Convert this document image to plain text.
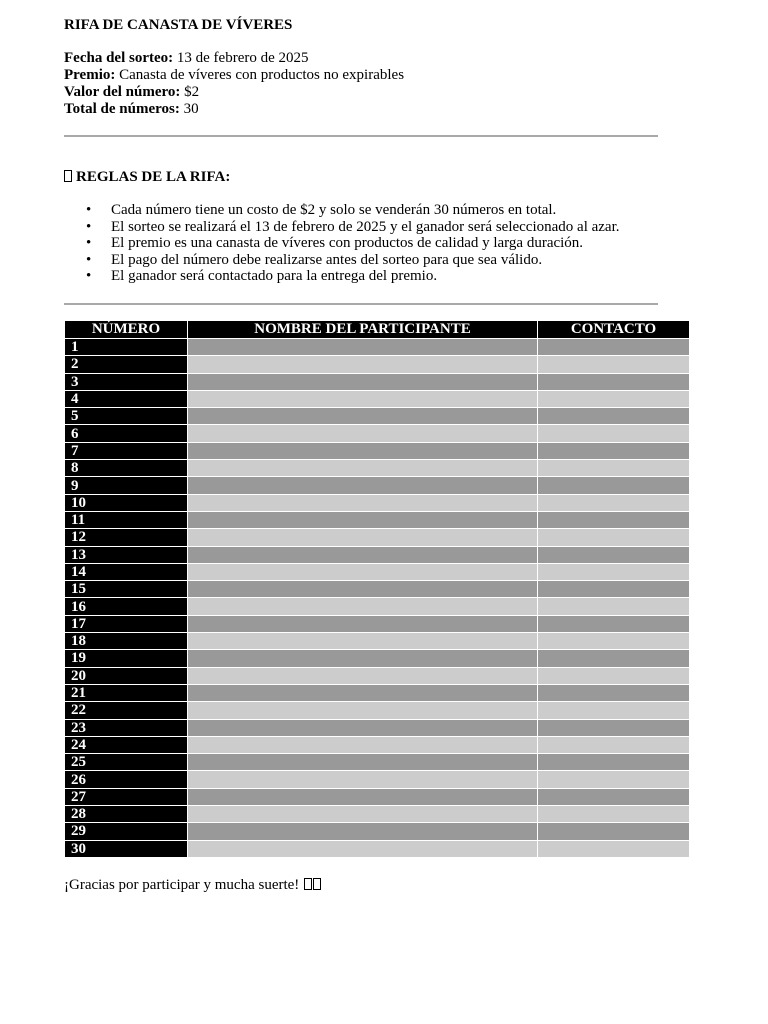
RIFA DE CANASTA DE VÍVERES
Fecha del sorteo: 13 de febrero de 2025
Premio: Canasta de víveres con productos no expirables
Valor del número: $2
Total de números: 30
REGLAS DE LA RIFA:
• Cada número tiene un costo de $2 y solo se venderán 30 números en total.
• El sorteo se realizará el 13 de febrero de 2025 y el ganador será seleccionado al azar.
• El premio es una canasta de víveres con productos de calidad y larga duración.
• El pago del número debe realizarse antes del sorteo para que sea válido.
• El ganador será contactado para la entrega del premio.
NÚMERO	NOMBRE DEL PARTICIPANTE	CONTACTO
1		
2		
3		
4		
5		
6		
7		
8		
9		
10		
11		
12		
13		
14		
15		
16		
17		
18		
19		
20		
21		
22		
23		
24		
25		
26		
27		
28		
29		
30		
¡Gracias por participar y mucha suerte!
